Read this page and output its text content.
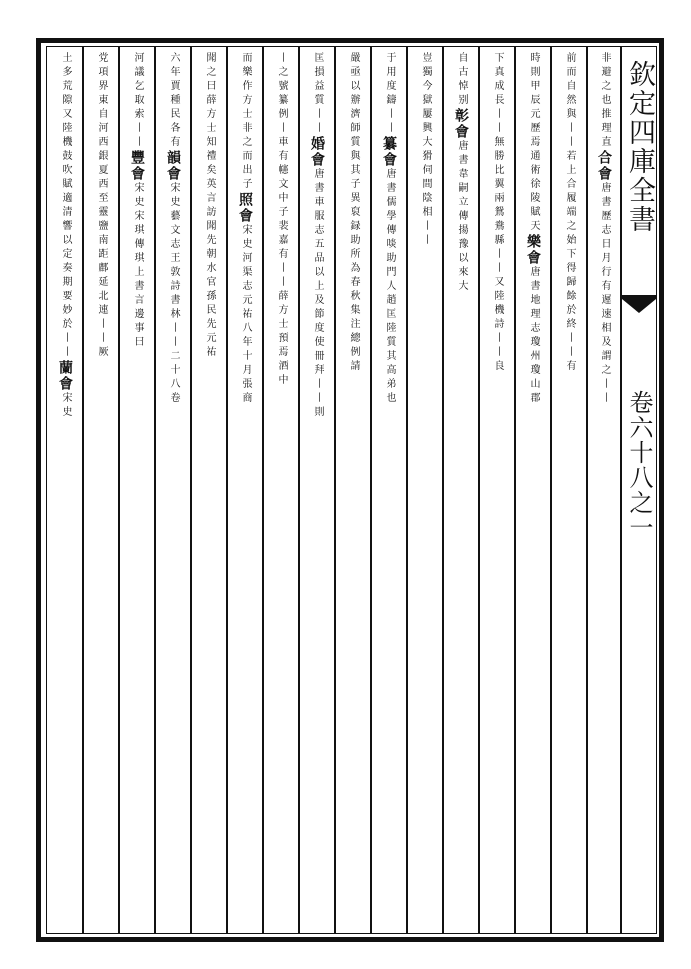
欽定四庫全書
卷六十八之一
非避之也推理直合會唐書歷志日月行有遲速相及謂之丨丨
前而自然與丨丨若上合履端之始下得歸餘於終丨丨有
時則甲辰元歷焉通術徐陵賦天樂會唐書地理志瓊州瓊山郡
下真成長丨丨無勝比翼兩鴛鴦縣丨丨又陸機詩丨丨良
自古悼别彰會唐書韋嗣立傳揚豫以來大
豈獨今獄屢興大猾伺間陰相丨丨
于用度鑄丨丨纂會唐書儒學傳啖助門人趙匡陸質其高弟也
嚴亟以辦濟師質與其子異裒録助所為春秋集注總例請
匡損益質丨丨婚會唐書車服志五品以上及節度使冊拜丨丨則
丨之號纂例丨車有幰文中子裴嘉有丨丨薛方士預焉酒中
而樂作方士非之而出子照會宋史河渠志元祐八年十月張商
聞之曰薛方士知禮矣英言訪聞先朝水官孫民先元祐
六年賈種民各有韻會宋史藝文志王敦詩書林丨丨二十八卷
河議乞取索丨丨豐會宋史宋琪傳琪上書言邊事曰
党項界東自河西銀夏西至靈鹽南距鄜延北連丨丨厥
土多荒隙又陸機鼓吹賦適清響以定奏期要妙於丨丨蘭會宋史
